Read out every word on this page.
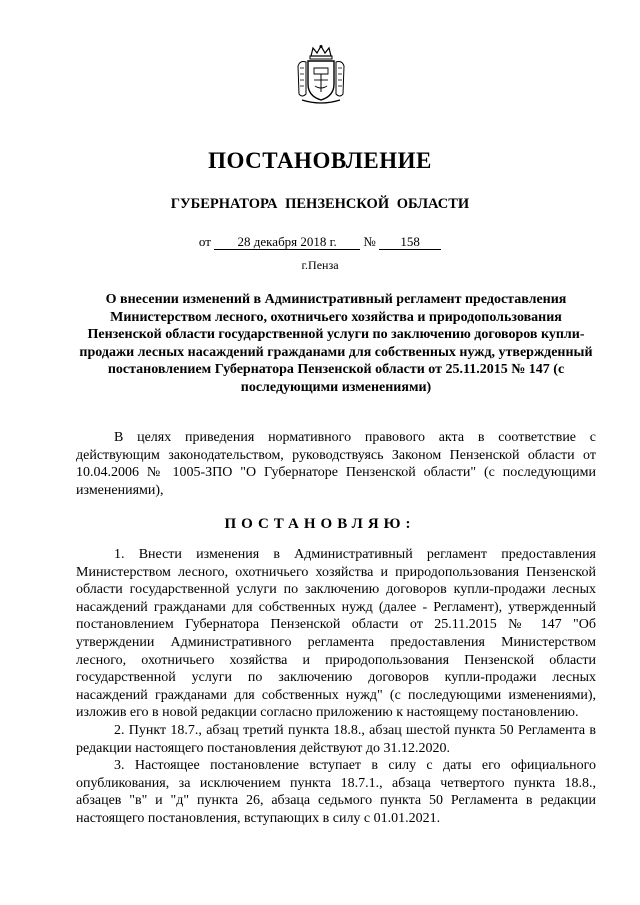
ПОСТАНОВЛЕНИЕ
ГУБЕРНАТОРА ПЕНЗЕНСКОЙ ОБЛАСТИ
от 28 декабря 2018 г. № 158
г.Пенза
О внесении изменений в Административный регламент предоставления Министерством лесного, охотничьего хозяйства и природопользования Пензенской области государственной услуги по заключению договоров купли-продажи лесных насаждений гражданами для собственных нужд, утвержденный постановлением Губернатора Пензенской области от 25.11.2015 № 147 (с последующими изменениями)

В целях приведения нормативного правового акта в соответствие с действующим законодательством, руководствуясь Законом Пензенской области от 10.04.2006 № 1005-ЗПО "О Губернаторе Пензенской области" (с последующими изменениями),

ПОСТАНОВЛЯЮ:

1. Внести изменения в Административный регламент предоставления Министерством лесного, охотничьего хозяйства и природопользования Пензенской области государственной услуги по заключению договоров купли-продажи лесных насаждений гражданами для собственных нужд (далее - Регламент), утвержденный постановлением Губернатора Пензенской области от 25.11.2015 № 147 "Об утверждении Административного регламента предоставления Министерством лесного, охотничьего хозяйства и природопользования Пензенской области государственной услуги по заключению договоров купли-продажи лесных насаждений гражданами для собственных нужд" (с последующими изменениями), изложив его в новой редакции согласно приложению к настоящему постановлению.

2. Пункт 18.7., абзац третий пункта 18.8., абзац шестой пункта 50 Регламента в редакции настоящего постановления действуют до 31.12.2020.

3. Настоящее постановление вступает в силу с даты его официального опубликования, за исключением пункта 18.7.1., абзаца четвертого пункта 18.8., абзацев "в" и "д" пункта 26, абзаца седьмого пункта 50 Регламента в редакции настоящего постановления, вступающих в силу с 01.01.2021.
